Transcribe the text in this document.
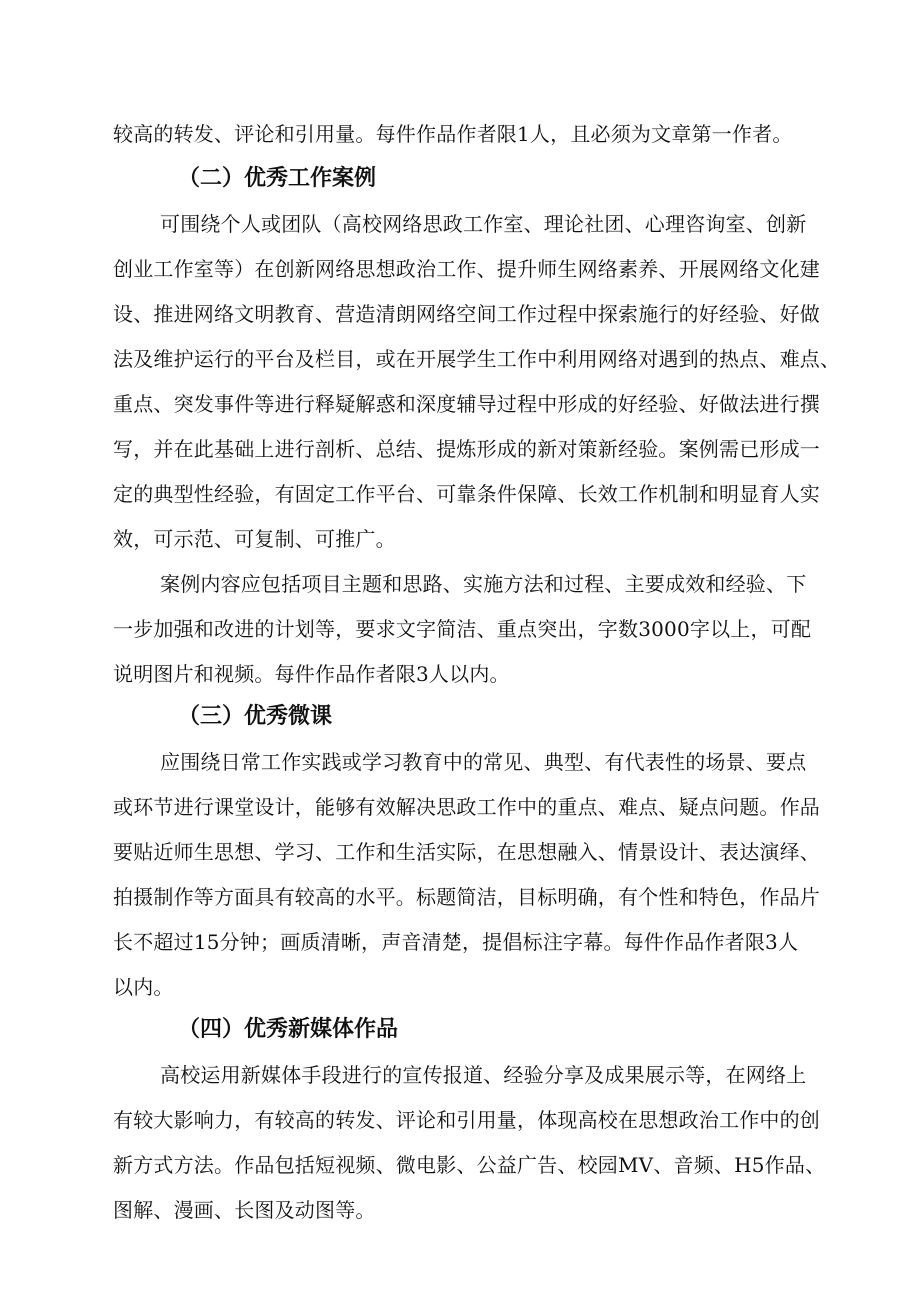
较高的转发、评论和引用量。每件作品作者限1人，且必须为文章第一作者。
（二）优秀工作案例
可围绕个人或团队（高校网络思政工作室、理论社团、心理咨询室、创新
创业工作室等）在创新网络思想政治工作、提升师生网络素养、开展网络文化建
设、推进网络文明教育、营造清朗网络空间工作过程中探索施行的好经验、好做
法及维护运行的平台及栏目，或在开展学生工作中利用网络对遇到的热点、难点、
重点、突发事件等进行释疑解惑和深度辅导过程中形成的好经验、好做法进行撰
写，并在此基础上进行剖析、总结、提炼形成的新对策新经验。案例需已形成一
定的典型性经验，有固定工作平台、可靠条件保障、长效工作机制和明显育人实
效，可示范、可复制、可推广。
案例内容应包括项目主题和思路、实施方法和过程、主要成效和经验、下
一步加强和改进的计划等，要求文字简洁、重点突出，字数3000字以上，可配
说明图片和视频。每件作品作者限3人以内。
（三）优秀微课
应围绕日常工作实践或学习教育中的常见、典型、有代表性的场景、要点
或环节进行课堂设计，能够有效解决思政工作中的重点、难点、疑点问题。作品
要贴近师生思想、学习、工作和生活实际，在思想融入、情景设计、表达演绎、
拍摄制作等方面具有较高的水平。标题简洁，目标明确，有个性和特色，作品片
长不超过15分钟；画质清晰，声音清楚，提倡标注字幕。每件作品作者限3人
以内。
（四）优秀新媒体作品
高校运用新媒体手段进行的宣传报道、经验分享及成果展示等，在网络上
有较大影响力，有较高的转发、评论和引用量，体现高校在思想政治工作中的创
新方式方法。作品包括短视频、微电影、公益广告、校园MV、音频、H5作品、
图解、漫画、长图及动图等。
